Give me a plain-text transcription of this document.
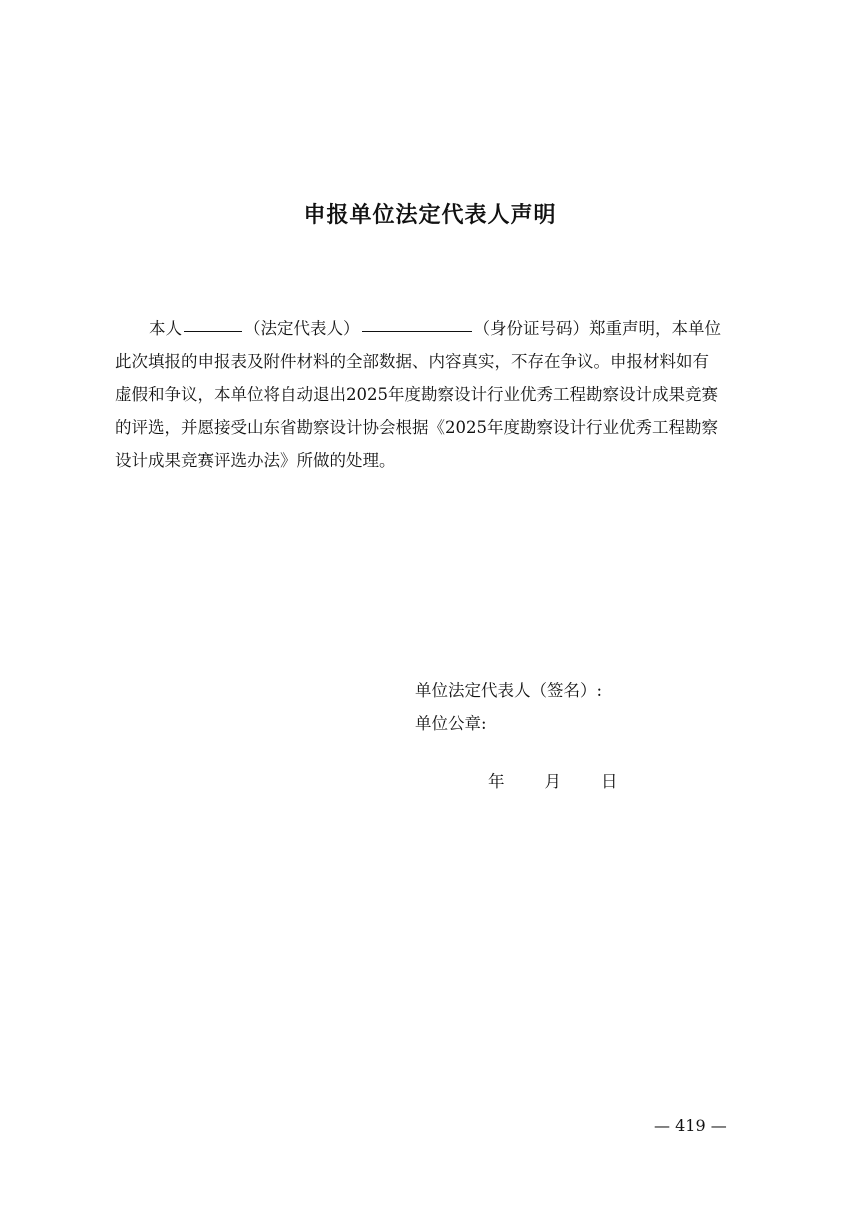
申报单位法定代表人声明

本人	（法定代表人）	（身份证号码）郑重声明，本单位
此次填报的申报表及附件材料的全部数据、内容真实，不存在争议。申报材料如有
虚假和争议，本单位将自动退出2025年度勘察设计行业优秀工程勘察设计成果竞赛
的评选，并愿接受山东省勘察设计协会根据《2025年度勘察设计行业优秀工程勘察
设计成果竞赛评选办法》所做的处理。

单位法定代表人（签名）:
单位公章:
年 月 日
— 419 —
